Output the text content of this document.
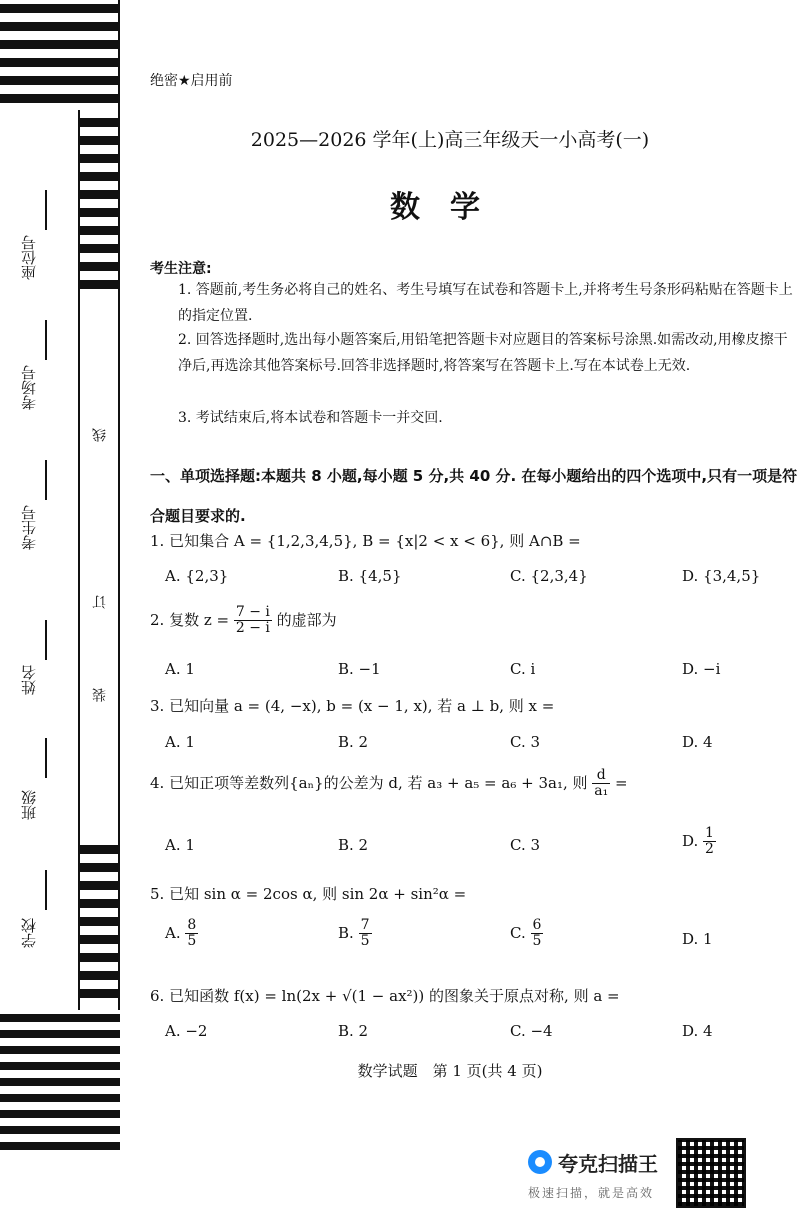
座位号
考场号
考生号
姓名
班级
学校
线
订
装
绝密★启用前
2025—2026 学年(上)高三年级天一小高考(一)
数学
考生注意:
1. 答题前,考生务必将自己的姓名、考生号填写在试卷和答题卡上,并将考生号条形码粘贴在答题卡上的指定位置.
2. 回答选择题时,选出每小题答案后,用铅笔把答题卡对应题目的答案标号涂黑.如需改动,用橡皮擦干净后,再选涂其他答案标号.回答非选择题时,将答案写在答题卡上.写在本试卷上无效.
3. 考试结束后,将本试卷和答题卡一并交回.
一、单项选择题:本题共 8 小题,每小题 5 分,共 40 分. 在每小题给出的四个选项中,只有一项是符合题目要求的.
1. 已知集合 A = {1,2,3,4,5}, B = {x|2 < x < 6}, 则 A∩B =
A. {2,3}	B. {4,5}	C. {2,3,4}	D. {3,4,5}
2. 复数 $z = \frac{7 - i}{2 - i}$ 的虚部为
A. 1	B. −1	C. i	D. −i
3. 已知向量 a = (4, −x), b = (x − 1, x), 若 a ⊥ b, 则 x =
A. 1	B. 2	C. 3	D. 4
4. 已知正项等差数列{aₙ}的公差为 d, 若 a₃ + a₅ = a₆ + 3a₁, 则 $\frac{d}{\text{a₁}}$ =
A. 1	B. 2	C. 3	D. $\frac{1}{2}$
5. 已知 sin α = 2cos α, 则 sin 2α + sin²α =
A. $\frac{8}{5}$	B. $\frac{7}{5}$	C. $\frac{6}{5}$	D. 1
6. 已知函数 f(x) = ln(2x + √(1 − ax²)) 的图象关于原点对称, 则 a =
A. −2	B. 2	C. −4	D. 4
数学试题　第 1 页(共 4 页)
夸克扫描王
极速扫描，就是高效
